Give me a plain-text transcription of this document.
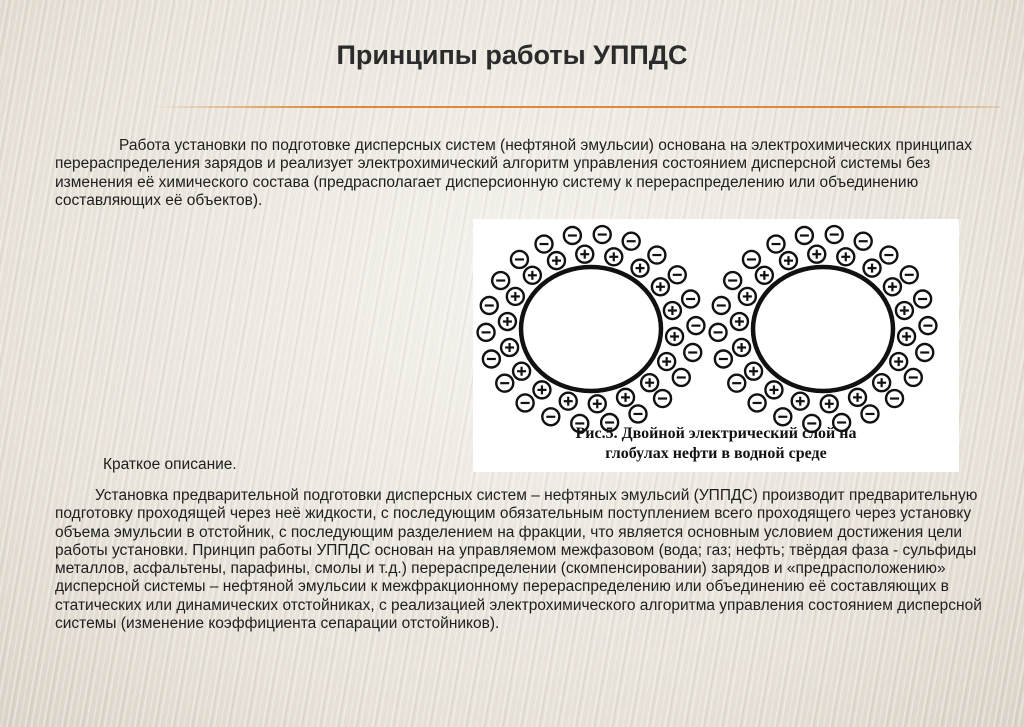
Принципы работы УППДС
Работа установки по подготовке дисперсных систем (нефтяной эмульсии) основана на электрохимических принципах перераспределения зарядов и реализует электрохимический алгоритм управления состоянием дисперсной системы без изменения её химического состава (предрасполагает дисперсионную систему к перераспределению или объединению составляющих её объектов).
Рис.5. Двойной электрический слой на
глобулах нефти в водной среде
Краткое описание.
Установка предварительной подготовки дисперсных систем – нефтяных эмульсий (УППДС) производит предварительную подготовку проходящей через неё жидкости, с последующим обязательным поступлением всего проходящего через установку объема эмульсии в отстойник, с последующим разделением на фракции, что является основным условием достижения цели работы установки. Принцип работы УППДС основан на управляемом межфазовом (вода; газ; нефть; твёрдая фаза - сульфиды металлов, асфальтены, парафины, смолы и т.д.) перераспределении (скомпенсировании) зарядов и «предрасположению» дисперсной системы – нефтяной эмульсии к межфракционному перераспределению или объединению её составляющих в статических или динамических отстойниках, с реализацией электрохимического алгоритма управления состоянием дисперсной системы (изменение коэффициента сепарации отстойников).
